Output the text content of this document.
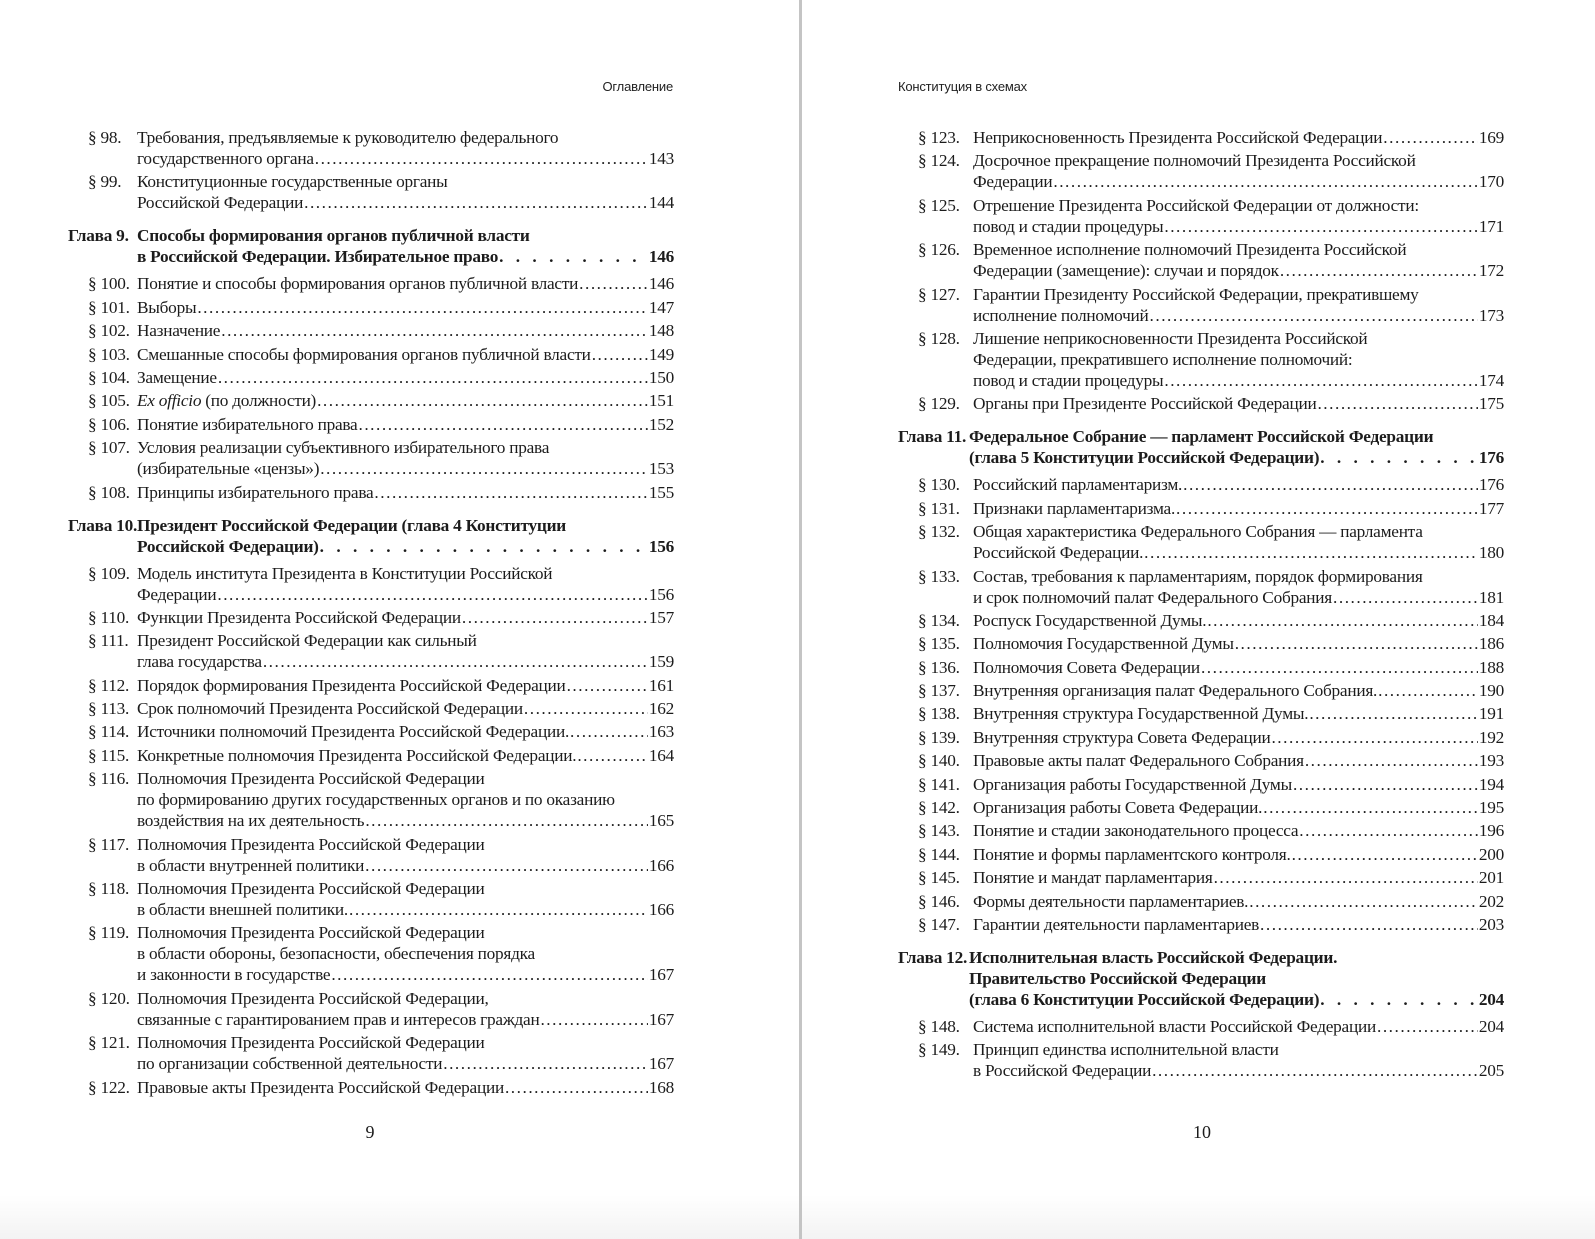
Оглавление
§ 98. Требования, предъявляемые к руководителю федерального
государственного органа . . .	143
§ 99. Конституционные государственные органы
Российской Федерации . . .	144
Глава 9. Способы формирования органов публичной власти
в Российской Федерации. Избирательное право . . .	146
§ 100. Понятие и способы формирования органов публичной власти . . .	146
§ 101. Выборы . . .	147
§ 102. Назначение . . .	148
§ 103. Смешанные способы формирования органов публичной власти . . .	149
§ 104. Замещение . . .	150
§ 105. Ex officio (по должности) . . .	151
§ 106. Понятие избирательного права . . .	152
§ 107. Условия реализации субъективного избирательного права
(избирательные «цензы») . . .	153
§ 108. Принципы избирательного права . . .	155
Глава 10. Президент Российской Федерации (глава 4 Конституции
Российской Федерации) . . .	156
§ 109. Модель института Президента в Конституции Российской
Федерации . . .	156
§ 110. Функции Президента Российской Федерации . . .	157
§ 111. Президент Российской Федерации как сильный
глава государства . . .	159
§ 112. Порядок формирования Президента Российской Федерации . . .	161
§ 113. Срок полномочий Президента Российской Федерации . . .	162
§ 114. Источники полномочий Президента Российской Федерации. . . .	163
§ 115. Конкретные полномочия Президента Российской Федерации. . . .	164
§ 116. Полномочия Президента Российской Федерации
по формированию других государственных органов и по оказанию
воздействия на их деятельность . . .	165
§ 117. Полномочия Президента Российской Федерации
в области внутренней политики . . .	166
§ 118. Полномочия Президента Российской Федерации
в области внешней политики. . . .	166
§ 119. Полномочия Президента Российской Федерации
в области обороны, безопасности, обеспечения порядка
и законности в государстве . . .	167
§ 120. Полномочия Президента Российской Федерации,
связанные с гарантированием прав и интересов граждан . . .	167
§ 121. Полномочия Президента Российской Федерации
по организации собственной деятельности . . .	167
§ 122. Правовые акты Президента Российской Федерации . . .	168
9
Конституция в схемах
§ 123. Неприкосновенность Президента Российской Федерации . . .	169
§ 124. Досрочное прекращение полномочий Президента Российской
Федерации . . .	170
§ 125. Отрешение Президента Российской Федерации от должности:
повод и стадии процедуры . . .	171
§ 126. Временное исполнение полномочий Президента Российской
Федерации (замещение): случаи и порядок . . .	172
§ 127. Гарантии Президенту Российской Федерации, прекратившему
исполнение полномочий . . .	173
§ 128. Лишение неприкосновенности Президента Российской
Федерации, прекратившего исполнение полномочий:
повод и стадии процедуры . . .	174
§ 129. Органы при Президенте Российской Федерации . . .	175
Глава 11. Федеральное Собрание — парламент Российской Федерации
(глава 5 Конституции Российской Федерации) . . .	176
§ 130. Российский парламентаризм. . . .	176
§ 131. Признаки парламентаризма. . . .	177
§ 132. Общая характеристика Федерального Собрания — парламента
Российской Федерации. . . .	180
§ 133. Состав, требования к парламентариям, порядок формирования
и срок полномочий палат Федерального Собрания . . .	181
§ 134. Роспуск Государственной Думы. . . .	184
§ 135. Полномочия Государственной Думы . . .	186
§ 136. Полномочия Совета Федерации . . .	188
§ 137. Внутренняя организация палат Федерального Собрания. . . .	190
§ 138. Внутренняя структура Государственной Думы. . . .	191
§ 139. Внутренняя структура Совета Федерации . . .	192
§ 140. Правовые акты палат Федерального Собрания . . .	193
§ 141. Организация работы Государственной Думы . . .	194
§ 142. Организация работы Совета Федерации. . . .	195
§ 143. Понятие и стадии законодательного процесса . . .	196
§ 144. Понятие и формы парламентского контроля. . . .	200
§ 145. Понятие и мандат парламентария . . .	201
§ 146. Формы деятельности парламентариев. . . .	202
§ 147. Гарантии деятельности парламентариев . . .	203
Глава 12. Исполнительная власть Российской Федерации.
Правительство Российской Федерации
(глава 6 Конституции Российской Федерации) . . .	204
§ 148. Система исполнительной власти Российской Федерации . . .	204
§ 149. Принцип единства исполнительной власти
в Российской Федерации . . .	205
10
